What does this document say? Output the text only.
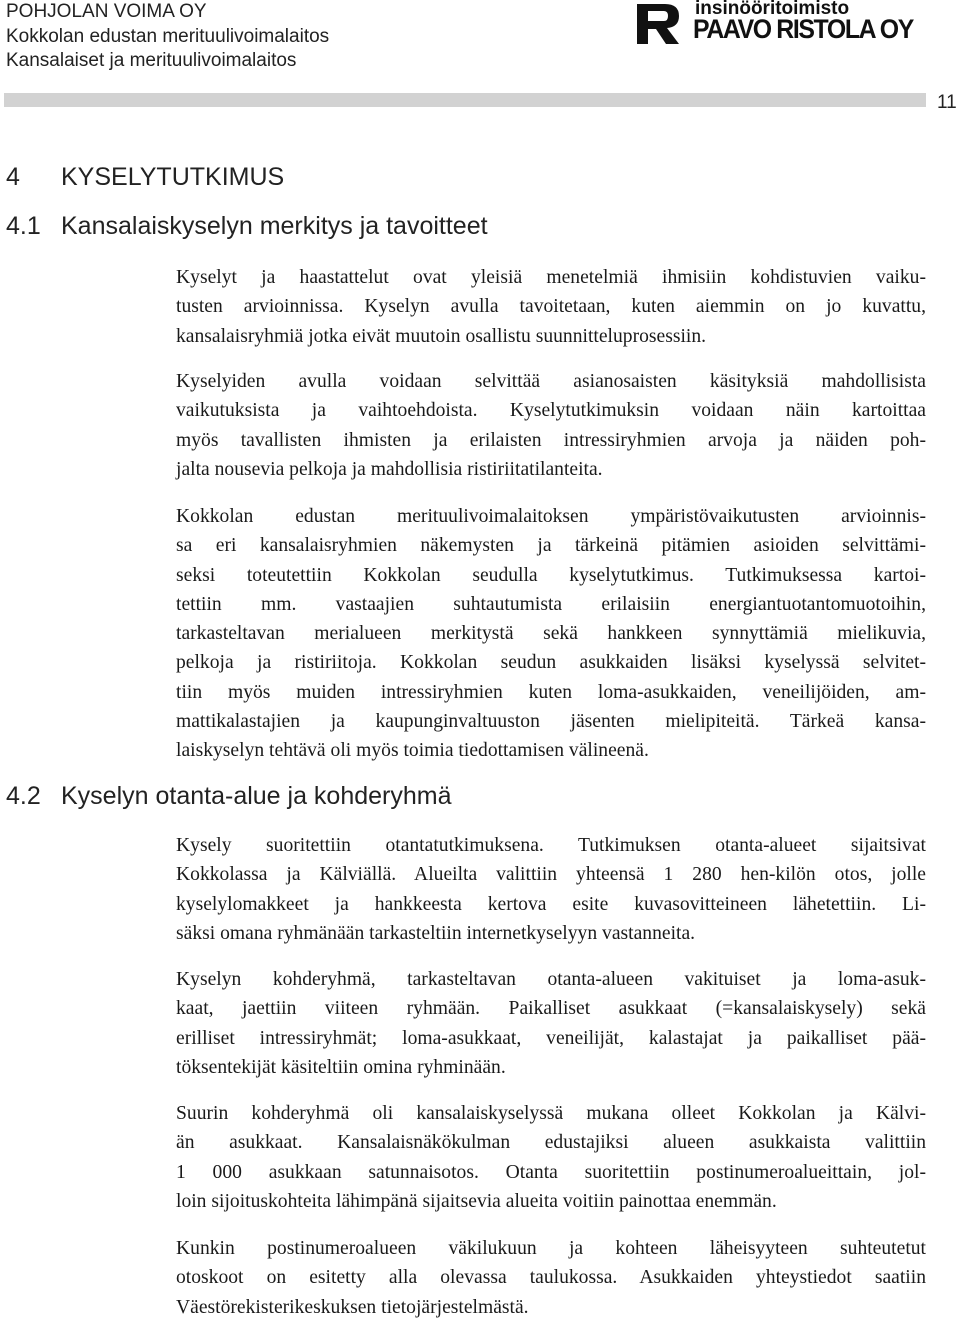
POHJOLAN VOIMA OY
Kokkolan edustan merituulivoimalaitos
Kansalaiset ja merituulivoimalaitos
insinööritoimisto
PAAVO RISTOLA OY
11
4 KYSELYTUTKIMUS
4.1 Kansalaiskyselyn merkitys ja tavoitteet

Kyselyt ja haastattelut ovat yleisiä menetelmiä ihmisiin kohdistuvien vaiku-
tusten arvioinnissa. Kyselyn avulla tavoitetaan, kuten aiemmin on jo kuvattu,
kansalaisryhmiä jotka eivät muutoin osallistu suunnitteluprosessiin.

Kyselyiden avulla voidaan selvittää asianosaisten käsityksiä mahdollisista
vaikutuksista ja vaihtoehdoista. Kyselytutkimuksin voidaan näin kartoittaa
myös tavallisten ihmisten ja erilaisten intressiryhmien arvoja ja näiden poh-
jalta nousevia pelkoja ja mahdollisia ristiriitatilanteita.

Kokkolan edustan merituulivoimalaitoksen ympäristövaikutusten arvioinnis-
sa eri kansalaisryhmien näkemysten ja tärkeinä pitämien asioiden selvittämi-
seksi toteutettiin Kokkolan seudulla kyselytutkimus. Tutkimuksessa kartoi-
tettiin mm. vastaajien suhtautumista erilaisiin energiantuotantomuotoihin,
tarkasteltavan merialueen merkitystä sekä hankkeen synnyttämiä mielikuvia,
pelkoja ja ristiriitoja. Kokkolan seudun asukkaiden lisäksi kyselyssä selvitet-
tiin myös muiden intressiryhmien kuten loma-asukkaiden, veneilijöiden, am-
mattikalastajien ja kaupunginvaltuuston jäsenten mielipiteitä. Tärkeä kansa-
laiskyselyn tehtävä oli myös toimia tiedottamisen välineenä.

4.2 Kyselyn otanta-alue ja kohderyhmä

Kysely suoritettiin otantatutkimuksena. Tutkimuksen otanta-alueet sijaitsivat
Kokkolassa ja Kälviällä. Alueilta valittiin yhteensä 1 280 hen-kilön otos, jolle
kyselylomakkeet ja hankkeesta kertova esite kuvasovitteineen lähetettiin. Li-
säksi omana ryhmänään tarkasteltiin internetkyselyyn vastanneita.

Kyselyn kohderyhmä, tarkasteltavan otanta-alueen vakituiset ja loma-asuk-
kaat, jaettiin viiteen ryhmään. Paikalliset asukkaat (=kansalaiskysely) sekä
erilliset intressiryhmät; loma-asukkaat, veneilijät, kalastajat ja paikalliset pää-
töksentekijät käsiteltiin omina ryhminään.

Suurin kohderyhmä oli kansalaiskyselyssä mukana olleet Kokkolan ja Kälvi-
än asukkaat. Kansalaisnäkökulman edustajiksi alueen asukkaista valittiin
1 000 asukkaan satunnaisotos. Otanta suoritettiin postinumeroalueittain, jol-
loin sijoituskohteita lähimpänä sijaitsevia alueita voitiin painottaa enemmän.

Kunkin postinumeroalueen väkilukuun ja kohteen läheisyyteen suhteutetut
otoskoot on esitetty alla olevassa taulukossa. Asukkaiden yhteystiedot saatiin
Väestörekisterikeskuksen tietojärjestelmästä.
